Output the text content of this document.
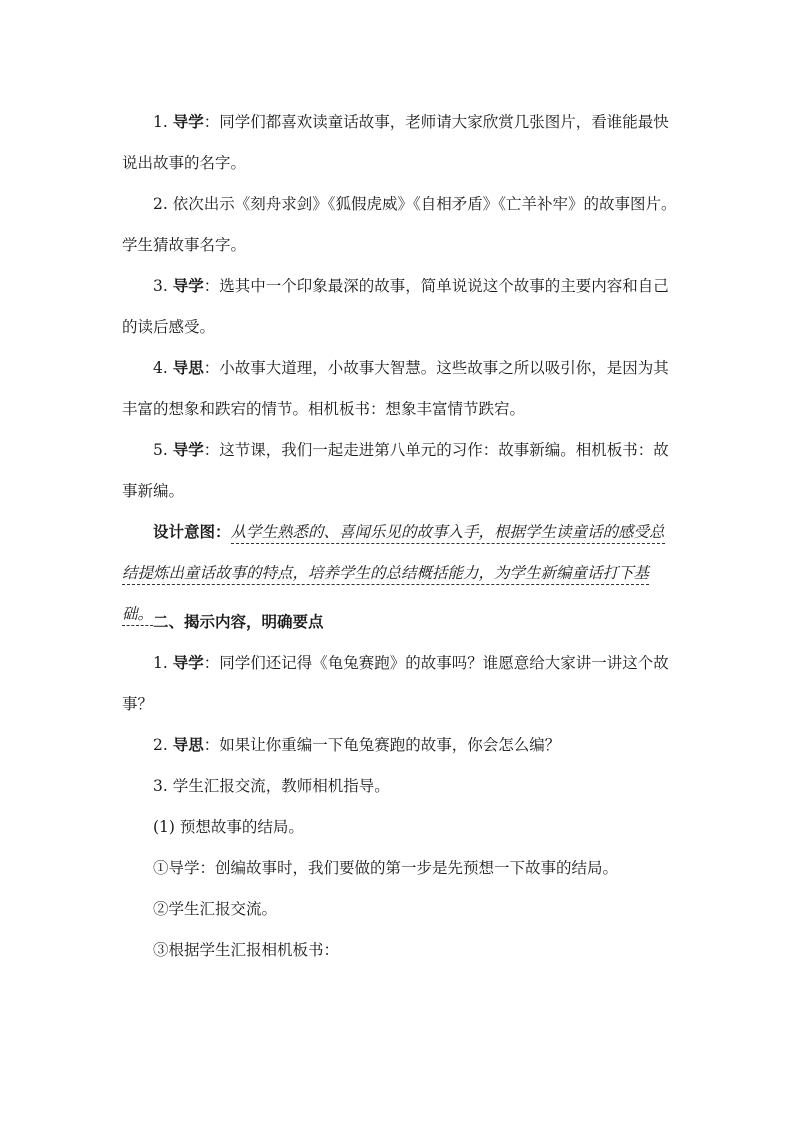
1. 导学：同学们都喜欢读童话故事，老师请大家欣赏几张图片，看谁能最快说出故事的名字。

2. 依次出示《刻舟求剑》《狐假虎威》《自相矛盾》《亡羊补牢》的故事图片。学生猜故事名字。

3. 导学：选其中一个印象最深的故事，简单说说这个故事的主要内容和自己的读后感受。

4. 导思：小故事大道理，小故事大智慧。这些故事之所以吸引你，是因为其丰富的想象和跌宕的情节。相机板书：想象丰富情节跌宕。

5. 导学：这节课，我们一起走进第八单元的习作：故事新编。相机板书：故事新编。

设计意图：从学生熟悉的、喜闻乐见的故事入手，根据学生读童话的感受总结提炼出童话故事的特点，培养学生的总结概括能力，为学生新编童话打下基础。 二、揭示内容，明确要点

1. 导学：同学们还记得《龟兔赛跑》的故事吗？谁愿意给大家讲一讲这个故事？

2. 导思：如果让你重编一下龟兔赛跑的故事，你会怎么编？

3. 学生汇报交流，教师相机指导。

(1) 预想故事的结局。

①导学：创编故事时，我们要做的第一步是先预想一下故事的结局。

②学生汇报交流。

③根据学生汇报相机板书：
